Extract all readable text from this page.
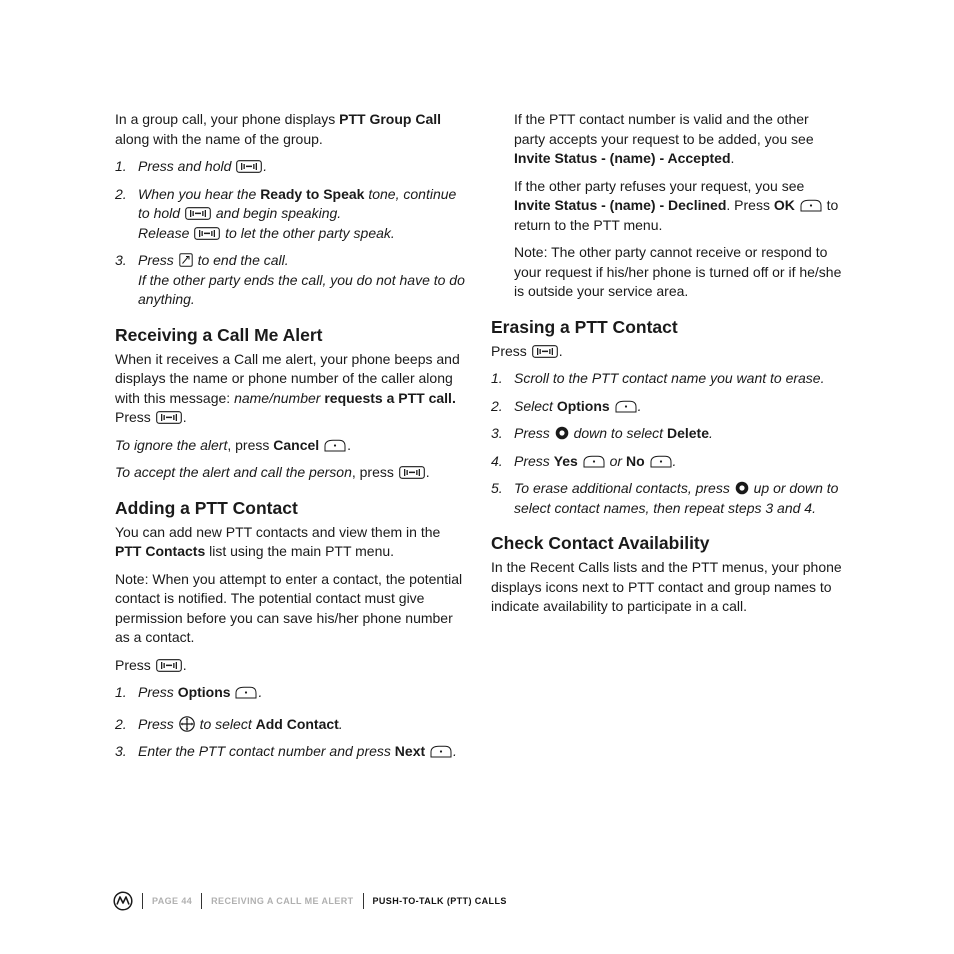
In a group call, your phone displays PTT Group Call along with the name of the group.

1. Press and hold .
2. When you hear the Ready to Speak tone, continue to hold  and begin speaking.
Release  to let the other party speak.
3. Press  to end the call.
If the other party ends the call, you do not have to do anything.
Receiving a Call Me Alert

When it receives a Call me alert, your phone beeps and displays the name or phone number of the caller along with this message: name/number requests a PTT call.
Press .

To ignore the alert, press Cancel .

To accept the alert and call the person, press .

Adding a PTT Contact

You can add new PTT contacts and view them in the PTT Contacts list using the main PTT menu.

Note: When you attempt to enter a contact, the potential contact is notified. The potential contact must give permission before you can save his/her phone number as a contact.

Press .

1. Press Options .
2. Press  to select Add Contact.
3. Enter the PTT contact number and press Next .

If the PTT contact number is valid and the other party accepts your request to be added, you see Invite Status - (name) - Accepted.

If the other party refuses your request, you see Invite Status - (name) - Declined. Press OK  to return to the PTT menu.

Note: The other party cannot receive or respond to your request if his/her phone is turned off or if he/she is outside your service area.

Erasing a PTT Contact

Press .

1. Scroll to the PTT contact name you want to erase.
2. Select Options .
3. Press  down to select Delete.
4. Press Yes  or No .
5. To erase additional contacts, press  up or down to select contact names, then repeat steps 3 and 4.
Check Contact Availability

In the Recent Calls lists and the PTT menus, your phone displays icons next to PTT contact and group names to indicate availability to participate in a call.

PAGE 44 RECEIVING A CALL ME ALERT PUSH-TO-TALK (PTT) CALLS
